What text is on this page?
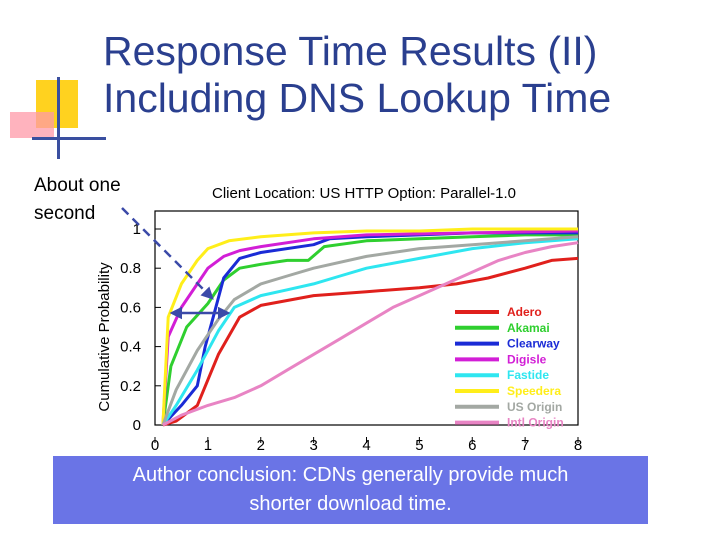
Response Time Results (II)
Including DNS Lookup Time
About one
second
Client Location: US HTTP Option: Parallel-1.0
Cumulative Probability
0	1	2	3	4	5	6	7	8
0
0.2
0.4
0.6
0.8
1
Adero
Akamai
Clearway
Digisle
Fastide
Speedera
US Origin
Intl Origin
Author conclusion: CDNs generally provide much
shorter download time.
